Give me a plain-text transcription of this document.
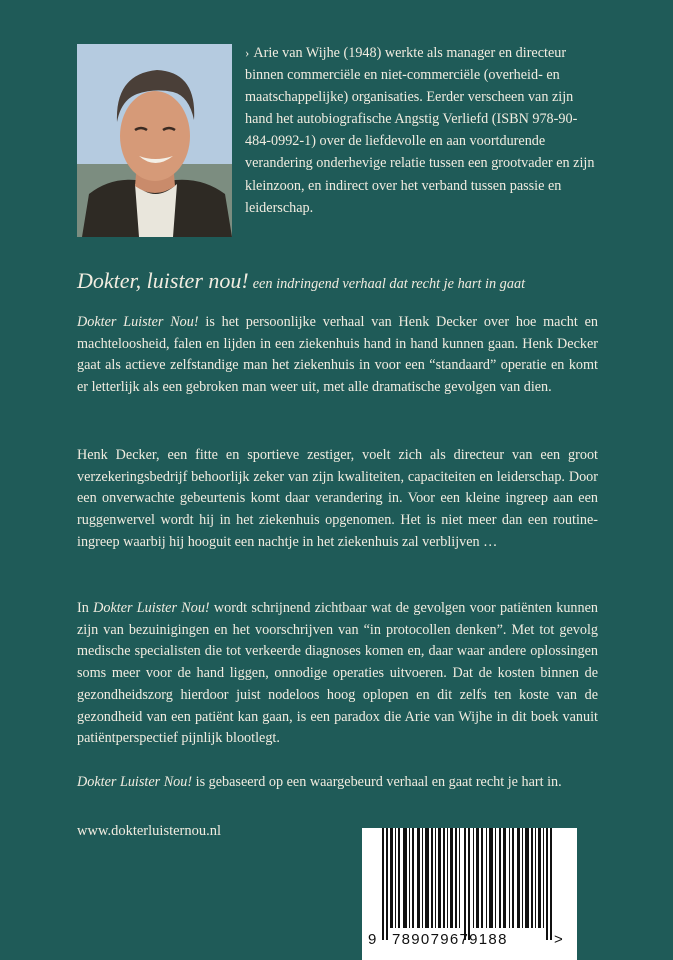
› Arie van Wijhe (1948) werkte als manager en directeur binnen commerciële en niet-commerciële (overheid- en maatschappelijke) organisaties. Eerder verscheen van zijn hand het autobiografische Angstig Verliefd (ISBN 978-90-484-0992-1) over de liefdevolle en aan voortdurende verandering onderhevige relatie tussen een grootvader en zijn kleinzoon, en indirect over het verband tussen passie en leiderschap.
Dokter, luister nou! een indringend verhaal dat recht je hart in gaat
Dokter Luister Nou! is het persoonlijke verhaal van Henk Decker over hoe macht en machteloosheid, falen en lijden in een ziekenhuis hand in hand kunnen gaan. Henk Decker gaat als actieve zelfstandige man het ziekenhuis in voor een “standaard” operatie en komt er letterlijk als een gebroken man weer uit, met alle dramatische gevolgen van dien.
Henk Decker, een fitte en sportieve zestiger, voelt zich als directeur van een groot verzekeringsbedrijf behoorlijk zeker van zijn kwaliteiten, capaciteiten en leiderschap. Door een onverwachte gebeurtenis komt daar verandering in. Voor een kleine ingreep aan een ruggenwervel wordt hij in het ziekenhuis opgenomen. Het is niet meer dan een routine-ingreep waarbij hij hooguit een nachtje in het ziekenhuis zal verblijven …
In Dokter Luister Nou! wordt schrijnend zichtbaar wat de gevolgen voor patiënten kunnen zijn van bezuinigingen en het voorschrijven van “in protocollen denken”. Met tot gevolg medische specialisten die tot verkeerde diagnoses komen en, daar waar andere oplossingen soms meer voor de hand liggen, onnodige operaties uitvoeren. Dat de kosten binnen de gezondheidszorg hierdoor juist nodeloos hoog oplopen en dit zelfs ten koste van de gezondheid van een patiënt kan gaan, is een paradox die Arie van Wijhe in dit boek vanuit patiëntperspectief pijnlijk blootlegt.
Dokter Luister Nou! is gebaseerd op een waargebeurd verhaal en gaat recht je hart in.
www.dokterluisternou.nl
9 789079679188	>
